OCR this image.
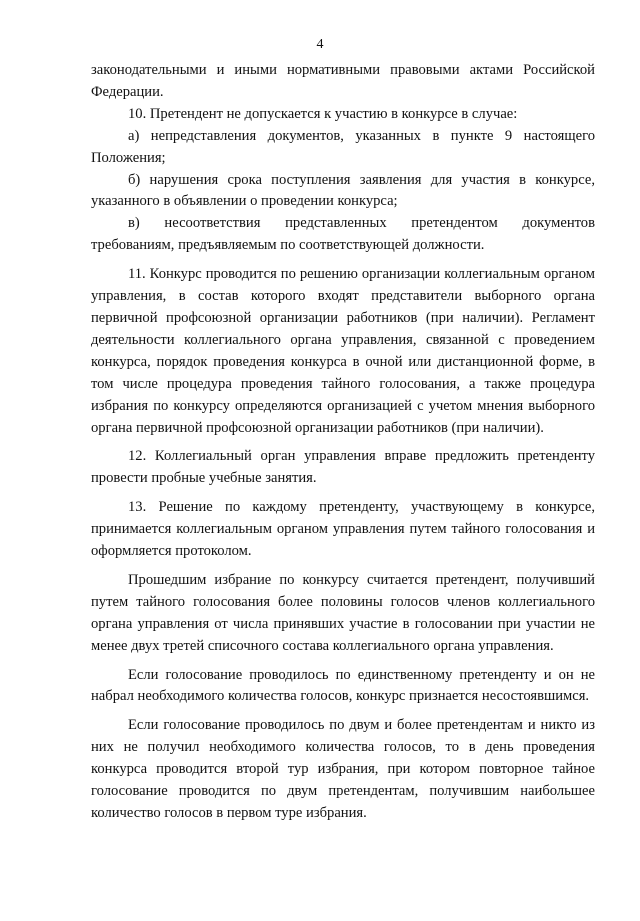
4

законодательными и иными нормативными правовыми актами Российской Федерации.

10. Претендент не допускается к участию в конкурсе в случае:

а) непредставления документов, указанных в пункте 9 настоящего Положения;

б) нарушения срока поступления заявления для участия в конкурсе, указанного в объявлении о проведении конкурса;

в) несоответствия представленных претендентом документов требованиям, предъявляемым по соответствующей должности.

11. Конкурс проводится по решению организации коллегиальным органом управления, в состав которого входят представители выборного органа первичной профсоюзной организации работников (при наличии). Регламент деятельности коллегиального органа управления, связанной с проведением конкурса, порядок проведения конкурса в очной или дистанционной форме, в том числе процедура проведения тайного голосования, а также процедура избрания по конкурсу определяются организацией с учетом мнения выборного органа первичной профсоюзной организации работников (при наличии).

12. Коллегиальный орган управления вправе предложить претенденту провести пробные учебные занятия.

13. Решение по каждому претенденту, участвующему в конкурсе, принимается коллегиальным органом управления путем тайного голосования и оформляется протоколом.

Прошедшим избрание по конкурсу считается претендент, получивший путем тайного голосования более половины голосов членов коллегиального органа управления от числа принявших участие в голосовании при участии не менее двух третей списочного состава коллегиального органа управления.

Если голосование проводилось по единственному претенденту и он не набрал необходимого количества голосов, конкурс признается несостоявшимся.

Если голосование проводилось по двум и более претендентам и никто из них не получил необходимого количества голосов, то в день проведения конкурса проводится второй тур избрания, при котором повторное тайное голосование проводится по двум претендентам, получившим наибольшее количество голосов в первом туре избрания.
